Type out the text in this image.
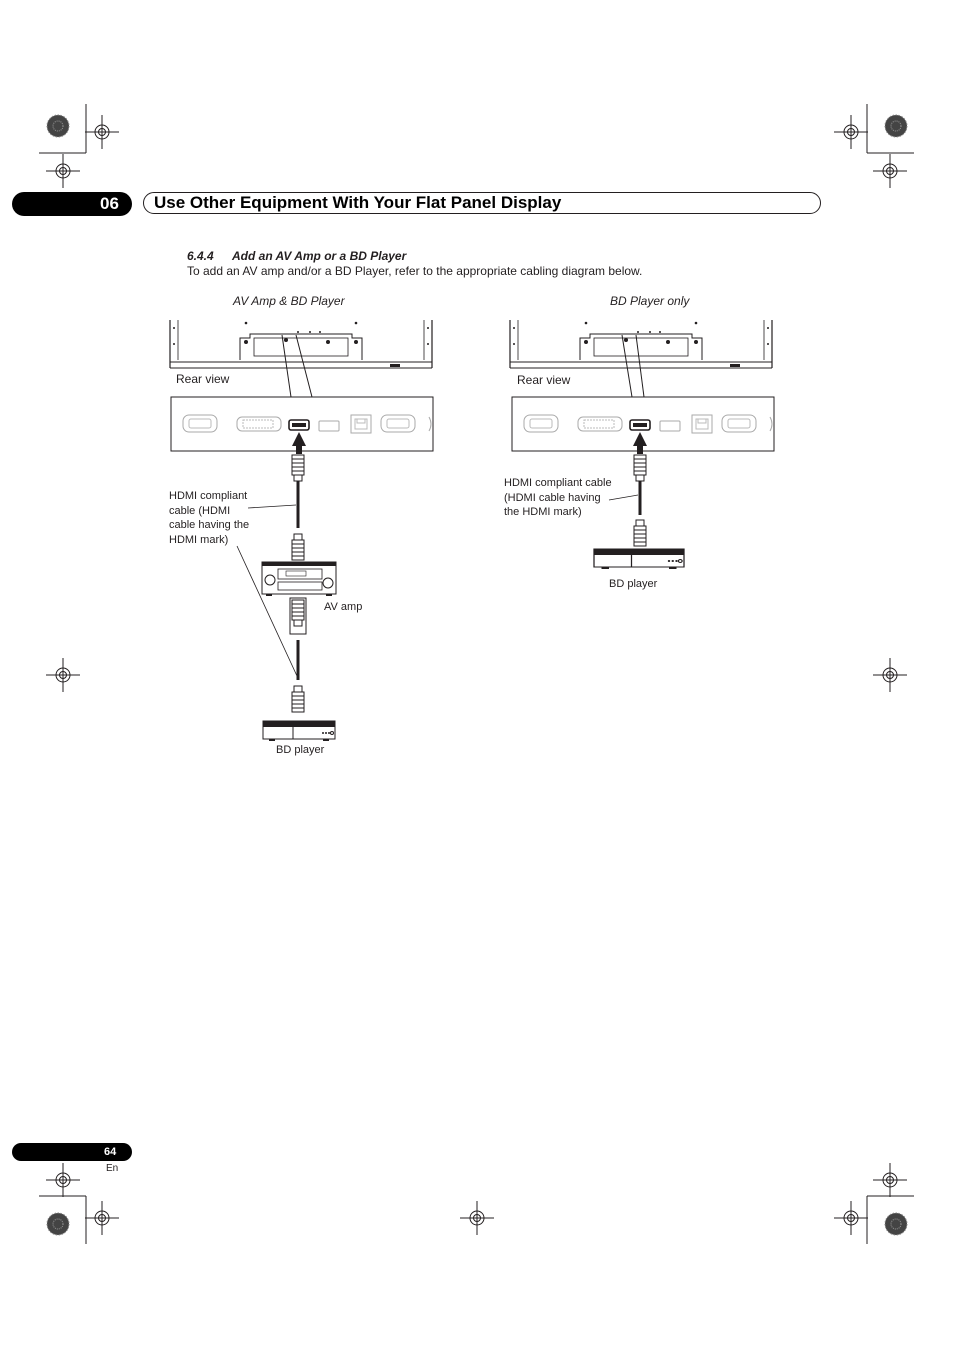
06	Use Other Equipment With Your Flat Panel Display
6.4.4 Add an AV Amp or a BD Player
To add an AV amp and/or a BD Player, refer to the appropriate cabling diagram below.
AV Amp & BD Player
Rear view
HDMI compliant
cable (HDMI
cable having the
HDMI mark)
AV amp
BD player
BD Player only
Rear view
HDMI compliant cable
(HDMI cable having
the HDMI mark)
BD player
64
En
